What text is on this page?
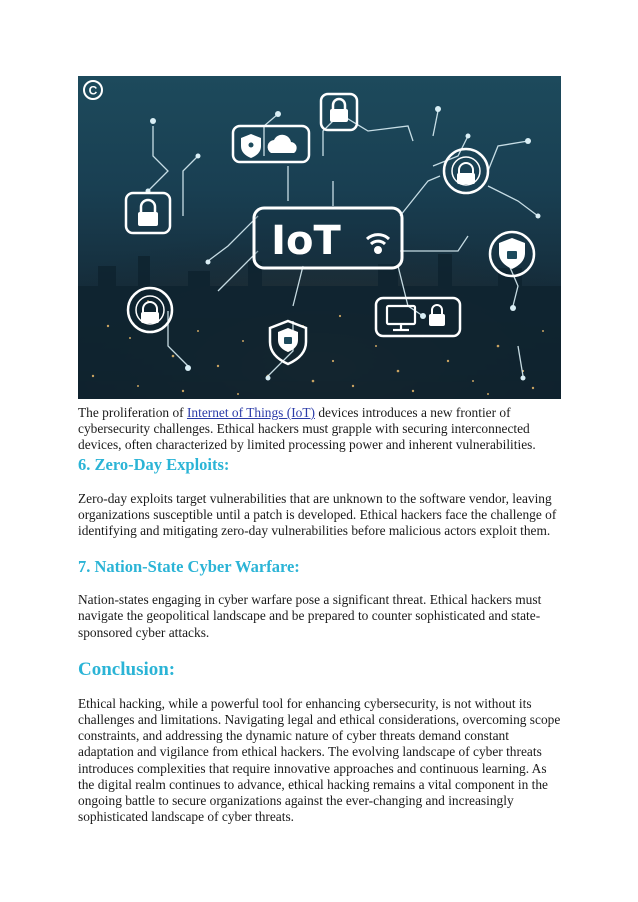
C
IoT

The proliferation of Internet of Things (IoT) devices introduces a new frontier of cybersecurity challenges. Ethical hackers must grapple with securing interconnected devices, often characterized by limited processing power and inherent vulnerabilities.

6. Zero-Day Exploits:

Zero-day exploits target vulnerabilities that are unknown to the software vendor, leaving organizations susceptible until a patch is developed. Ethical hackers face the challenge of identifying and mitigating zero-day vulnerabilities before malicious actors exploit them.

7. Nation-State Cyber Warfare:

Nation-states engaging in cyber warfare pose a significant threat. Ethical hackers must navigate the geopolitical landscape and be prepared to counter sophisticated and state-sponsored cyber attacks.

Conclusion:

Ethical hacking, while a powerful tool for enhancing cybersecurity, is not without its challenges and limitations. Navigating legal and ethical considerations, overcoming scope constraints, and addressing the dynamic nature of cyber threats demand constant adaptation and vigilance from ethical hackers. The evolving landscape of cyber threats introduces complexities that require innovative approaches and continuous learning. As the digital realm continues to advance, ethical hacking remains a vital component in the ongoing battle to secure organizations against the ever-changing and increasingly sophisticated landscape of cyber threats.
